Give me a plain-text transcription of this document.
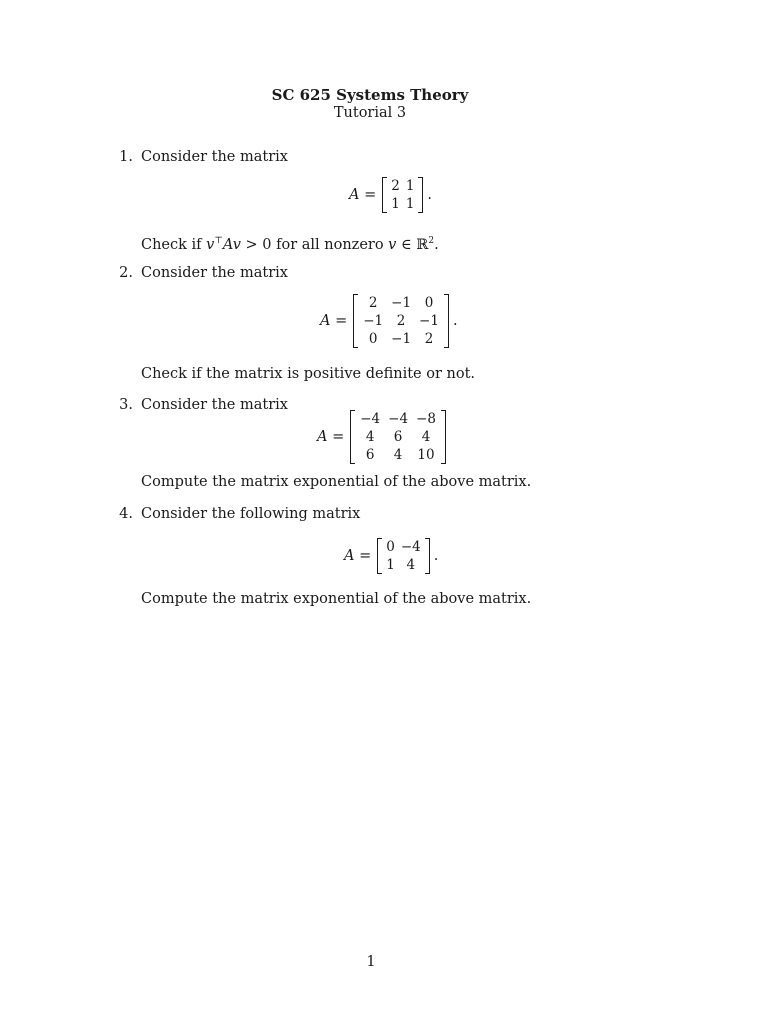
SC 625 Systems Theory
Tutorial 3
1. Consider the matrix
A =
2	1
1	1
.
Check if v⊤Av > 0 for all nonzero v ∈ ℝ$^2$.
2. Consider the matrix
A =
2	−1	0
−1	2	−1
0	−1	2
.
Check if the matrix is positive definite or not.
3. Consider the matrix
A =
−4	−4	−8
4	6	4
6	4	10
Compute the matrix exponential of the above matrix.
4. Consider the following matrix
A =
0	−4
1	4
.
Compute the matrix exponential of the above matrix.
1
